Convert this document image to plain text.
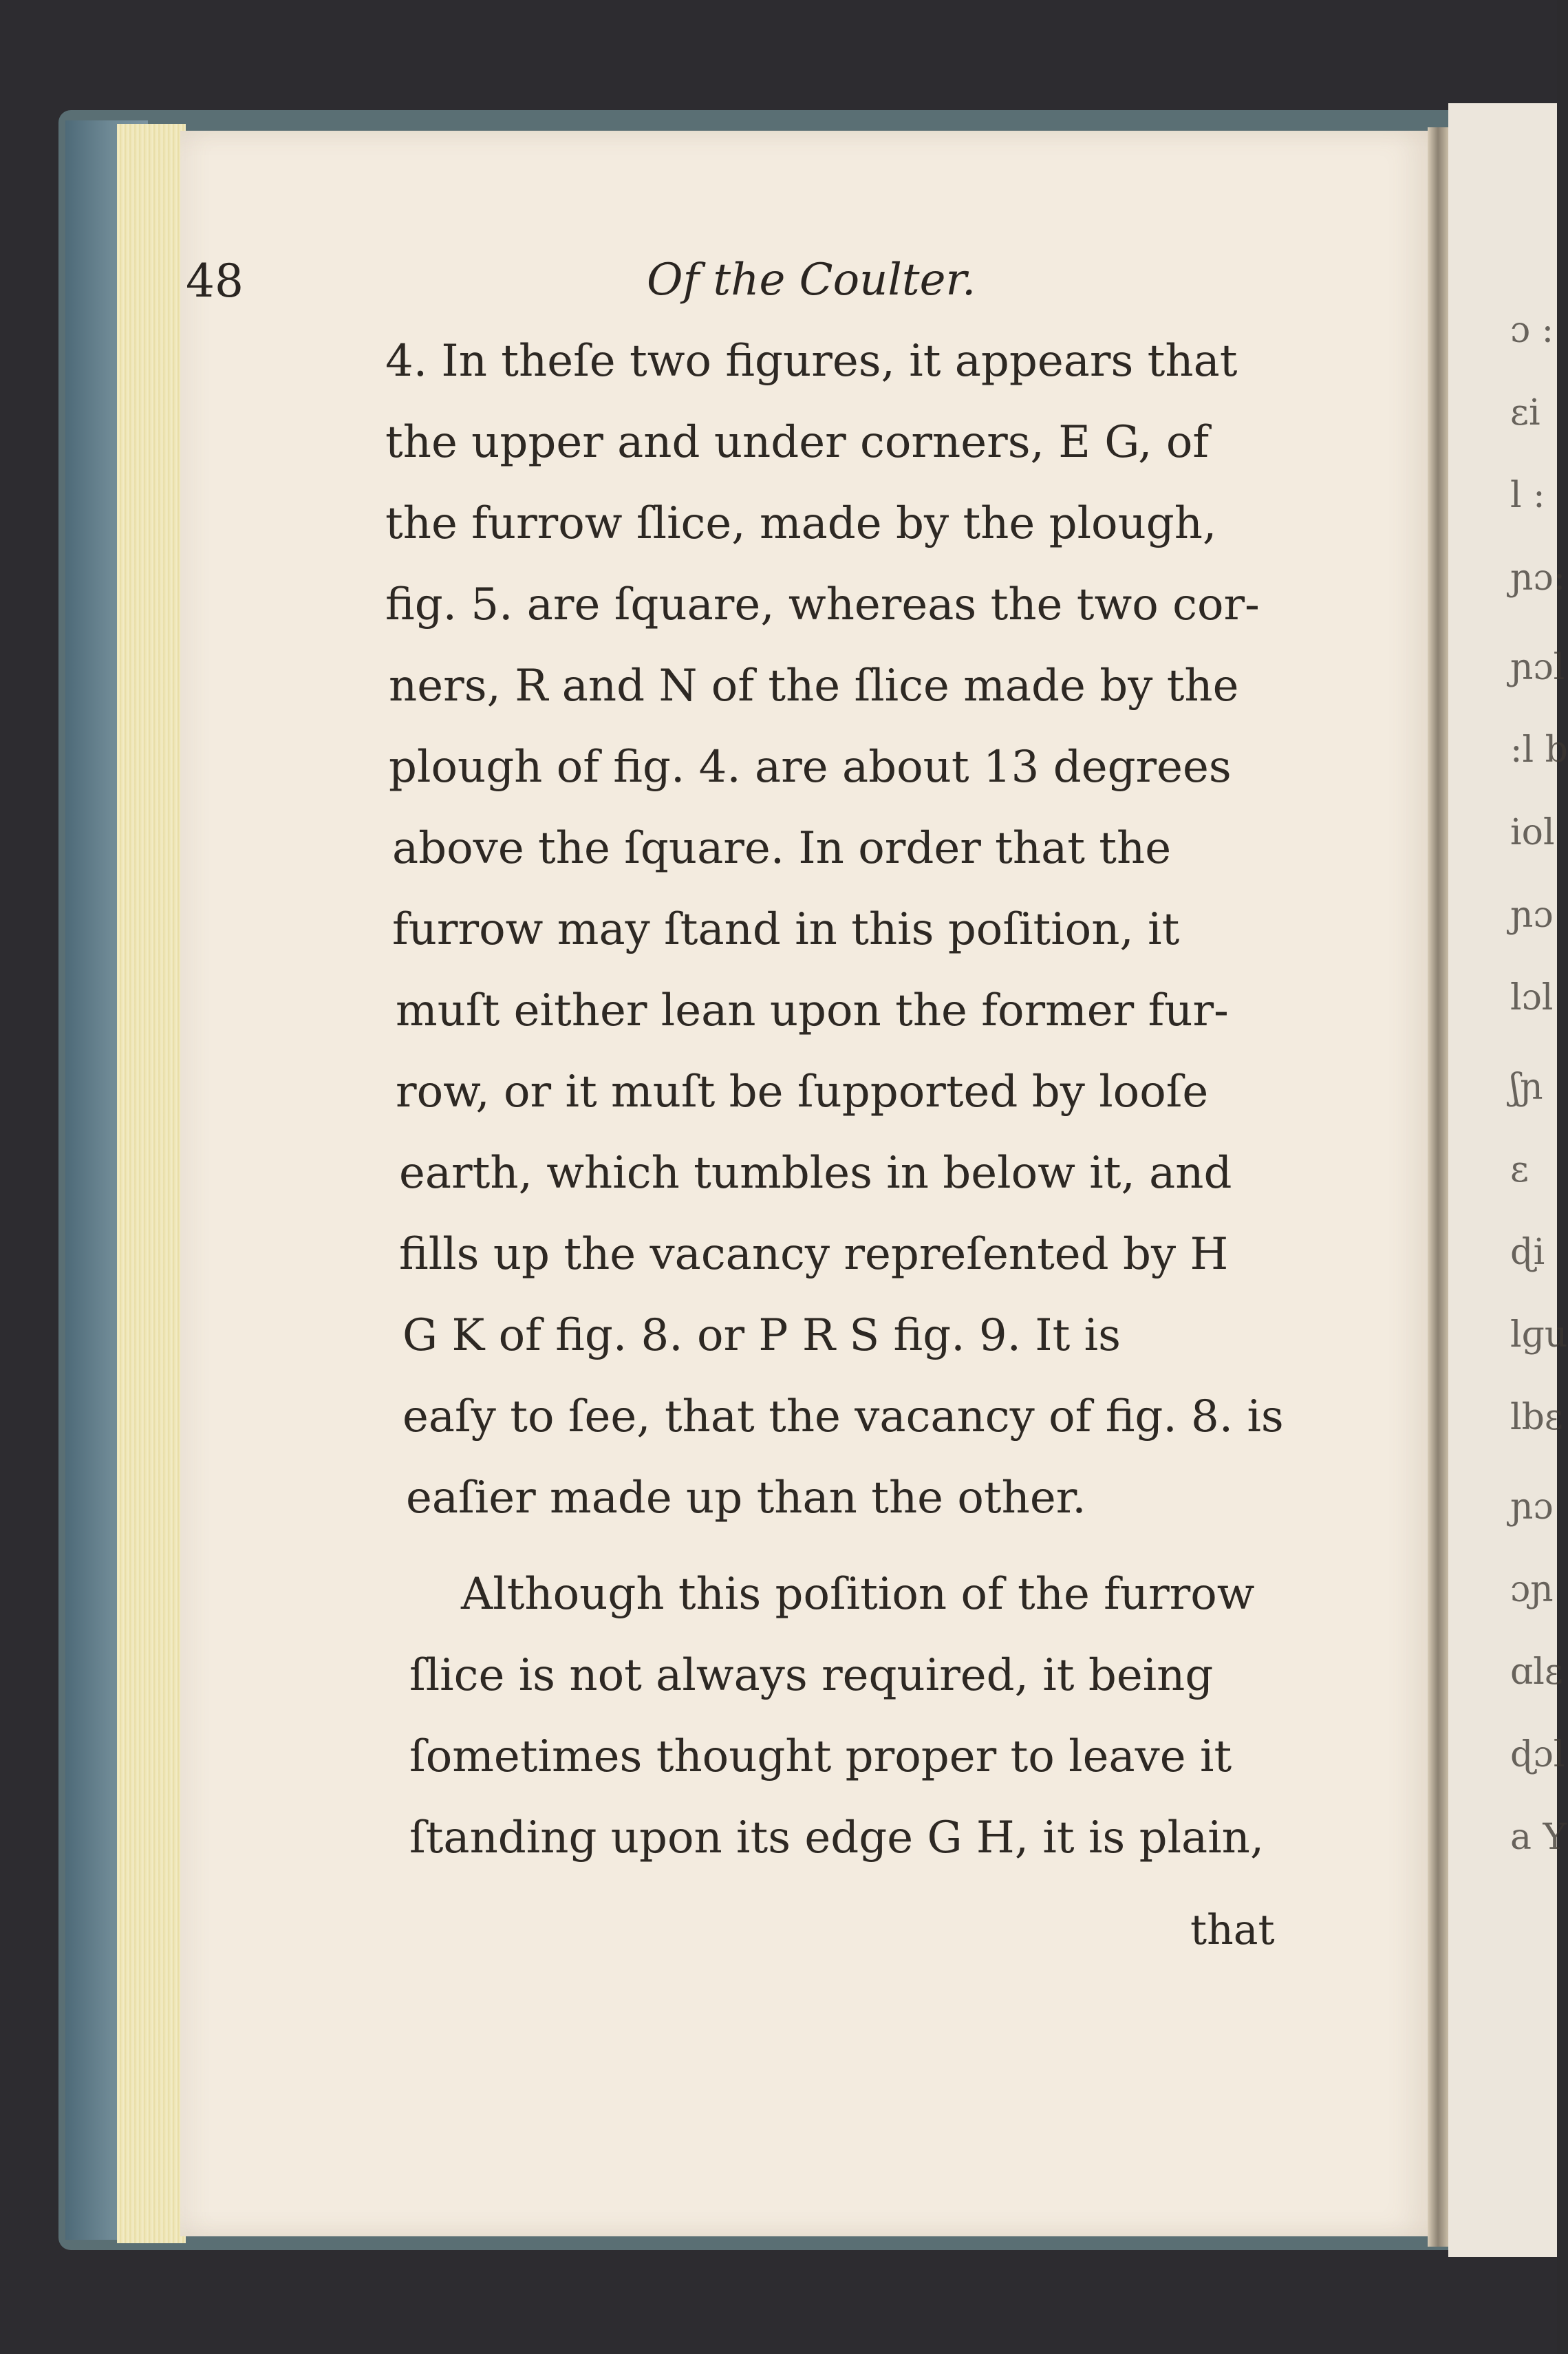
ɔ :
ɛi
l :
ɲɔ:
ɲɔl
:l b
iol
ɲɔ
lɔl
ʃɲ
ɛ
ɖi
lɡu
lbɛ
ɲɔ
ɔɲ
ɑlɛ
ɖɔl
a Y
48	Of the Coulter.
4. In theſe two figures, it appears that
the upper and under corners, E G, of
the furrow ſlice, made by the plough,
fig. 5. are ſquare, whereas the two cor-
ners, R and N of the ſlice made by the
plough of fig. 4. are about 13 degrees
above the ſquare. In order that the
furrow may ſtand in this poſition, it
muſt either lean upon the former fur-
row, or it muſt be ſupported by looſe
earth, which tumbles in below it, and
fills up the vacancy repreſented by H
G K of fig. 8. or P R S fig. 9. It is
eaſy to ſee, that the vacancy of fig. 8. is
eaſier made up than the other.
Although this poſition of the furrow
ſlice is not always required, it being
ſometimes thought proper to leave it
ſtanding upon its edge G H, it is plain,
that
